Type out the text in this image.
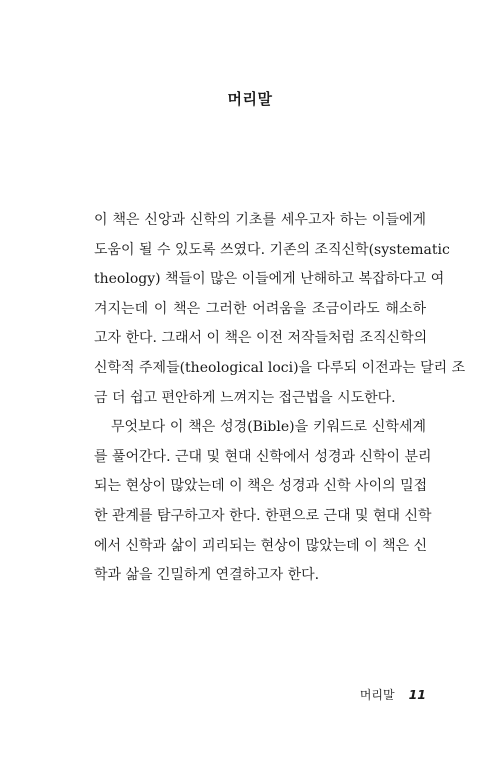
머리말
이 책은 신앙과 신학의 기초를 세우고자 하는 이들에게
도움이 될 수 있도록 쓰였다. 기존의 조직신학(systematic
theology) 책들이 많은 이들에게 난해하고 복잡하다고 여
겨지는데 이 책은 그러한 어려움을 조금이라도 해소하
고자 한다. 그래서 이 책은 이전 저작들처럼 조직신학의
신학적 주제들(theological loci)을 다루되 이전과는 달리 조
금 더 쉽고 편안하게 느껴지는 접근법을 시도한다.
무엇보다 이 책은 성경(Bible)을 키워드로 신학세계
를 풀어간다. 근대 및 현대 신학에서 성경과 신학이 분리
되는 현상이 많았는데 이 책은 성경과 신학 사이의 밀접
한 관계를 탐구하고자 한다. 한편으로 근대 및 현대 신학
에서 신학과 삶이 괴리되는 현상이 많았는데 이 책은 신
학과 삶을 긴밀하게 연결하고자 한다.
머리말 11
